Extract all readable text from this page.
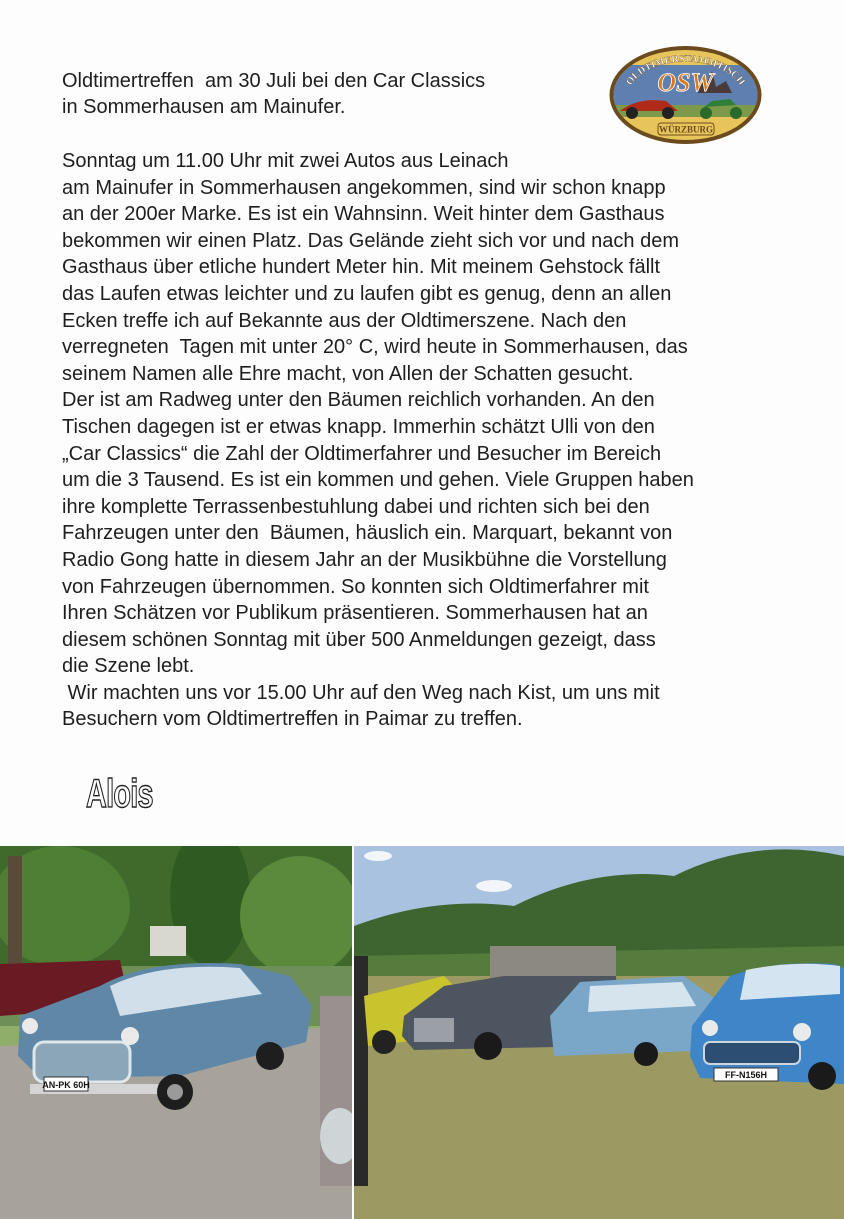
Oldtimertreffen  am 30 Juli bei den Car Classics
in Sommerhausen am Mainufer.
OLDTIMERSTAMMTISCH
OSW
WÜRZBURG
Sonntag um 11.00 Uhr mit zwei Autos aus Leinach
am Mainufer in Sommerhausen angekommen, sind wir schon knapp
an der 200er Marke. Es ist ein Wahnsinn. Weit hinter dem Gasthaus
bekommen wir einen Platz. Das Gelände zieht sich vor und nach dem
Gasthaus über etliche hundert Meter hin. Mit meinem Gehstock fällt
das Laufen etwas leichter und zu laufen gibt es genug, denn an allen
Ecken treffe ich auf Bekannte aus der Oldtimerszene. Nach den
verregneten  Tagen mit unter 20° C, wird heute in Sommerhausen, das
seinem Namen alle Ehre macht, von Allen der Schatten gesucht.
Der ist am Radweg unter den Bäumen reichlich vorhanden. An den
Tischen dagegen ist er etwas knapp. Immerhin schätzt Ulli von den
„Car Classics“ die Zahl der Oldtimerfahrer und Besucher im Bereich
um die 3 Tausend. Es ist ein kommen und gehen. Viele Gruppen haben
ihre komplette Terrassenbestuhlung dabei und richten sich bei den
Fahrzeugen unter den  Bäumen, häuslich ein. Marquart, bekannt von
Radio Gong hatte in diesem Jahr an der Musikbühne die Vorstellung
von Fahrzeugen übernommen. So konnten sich Oldtimerfahrer mit
Ihren Schätzen vor Publikum präsentieren. Sommerhausen hat an
diesem schönen Sonntag mit über 500 Anmeldungen gezeigt, dass
die Szene lebt.
Wir machten uns vor 15.00 Uhr auf den Weg nach Kist, um uns mit
Besuchern vom Oldtimertreffen in Paimar zu treffen.
Alois
AN-PK 60H
FF-N156H
